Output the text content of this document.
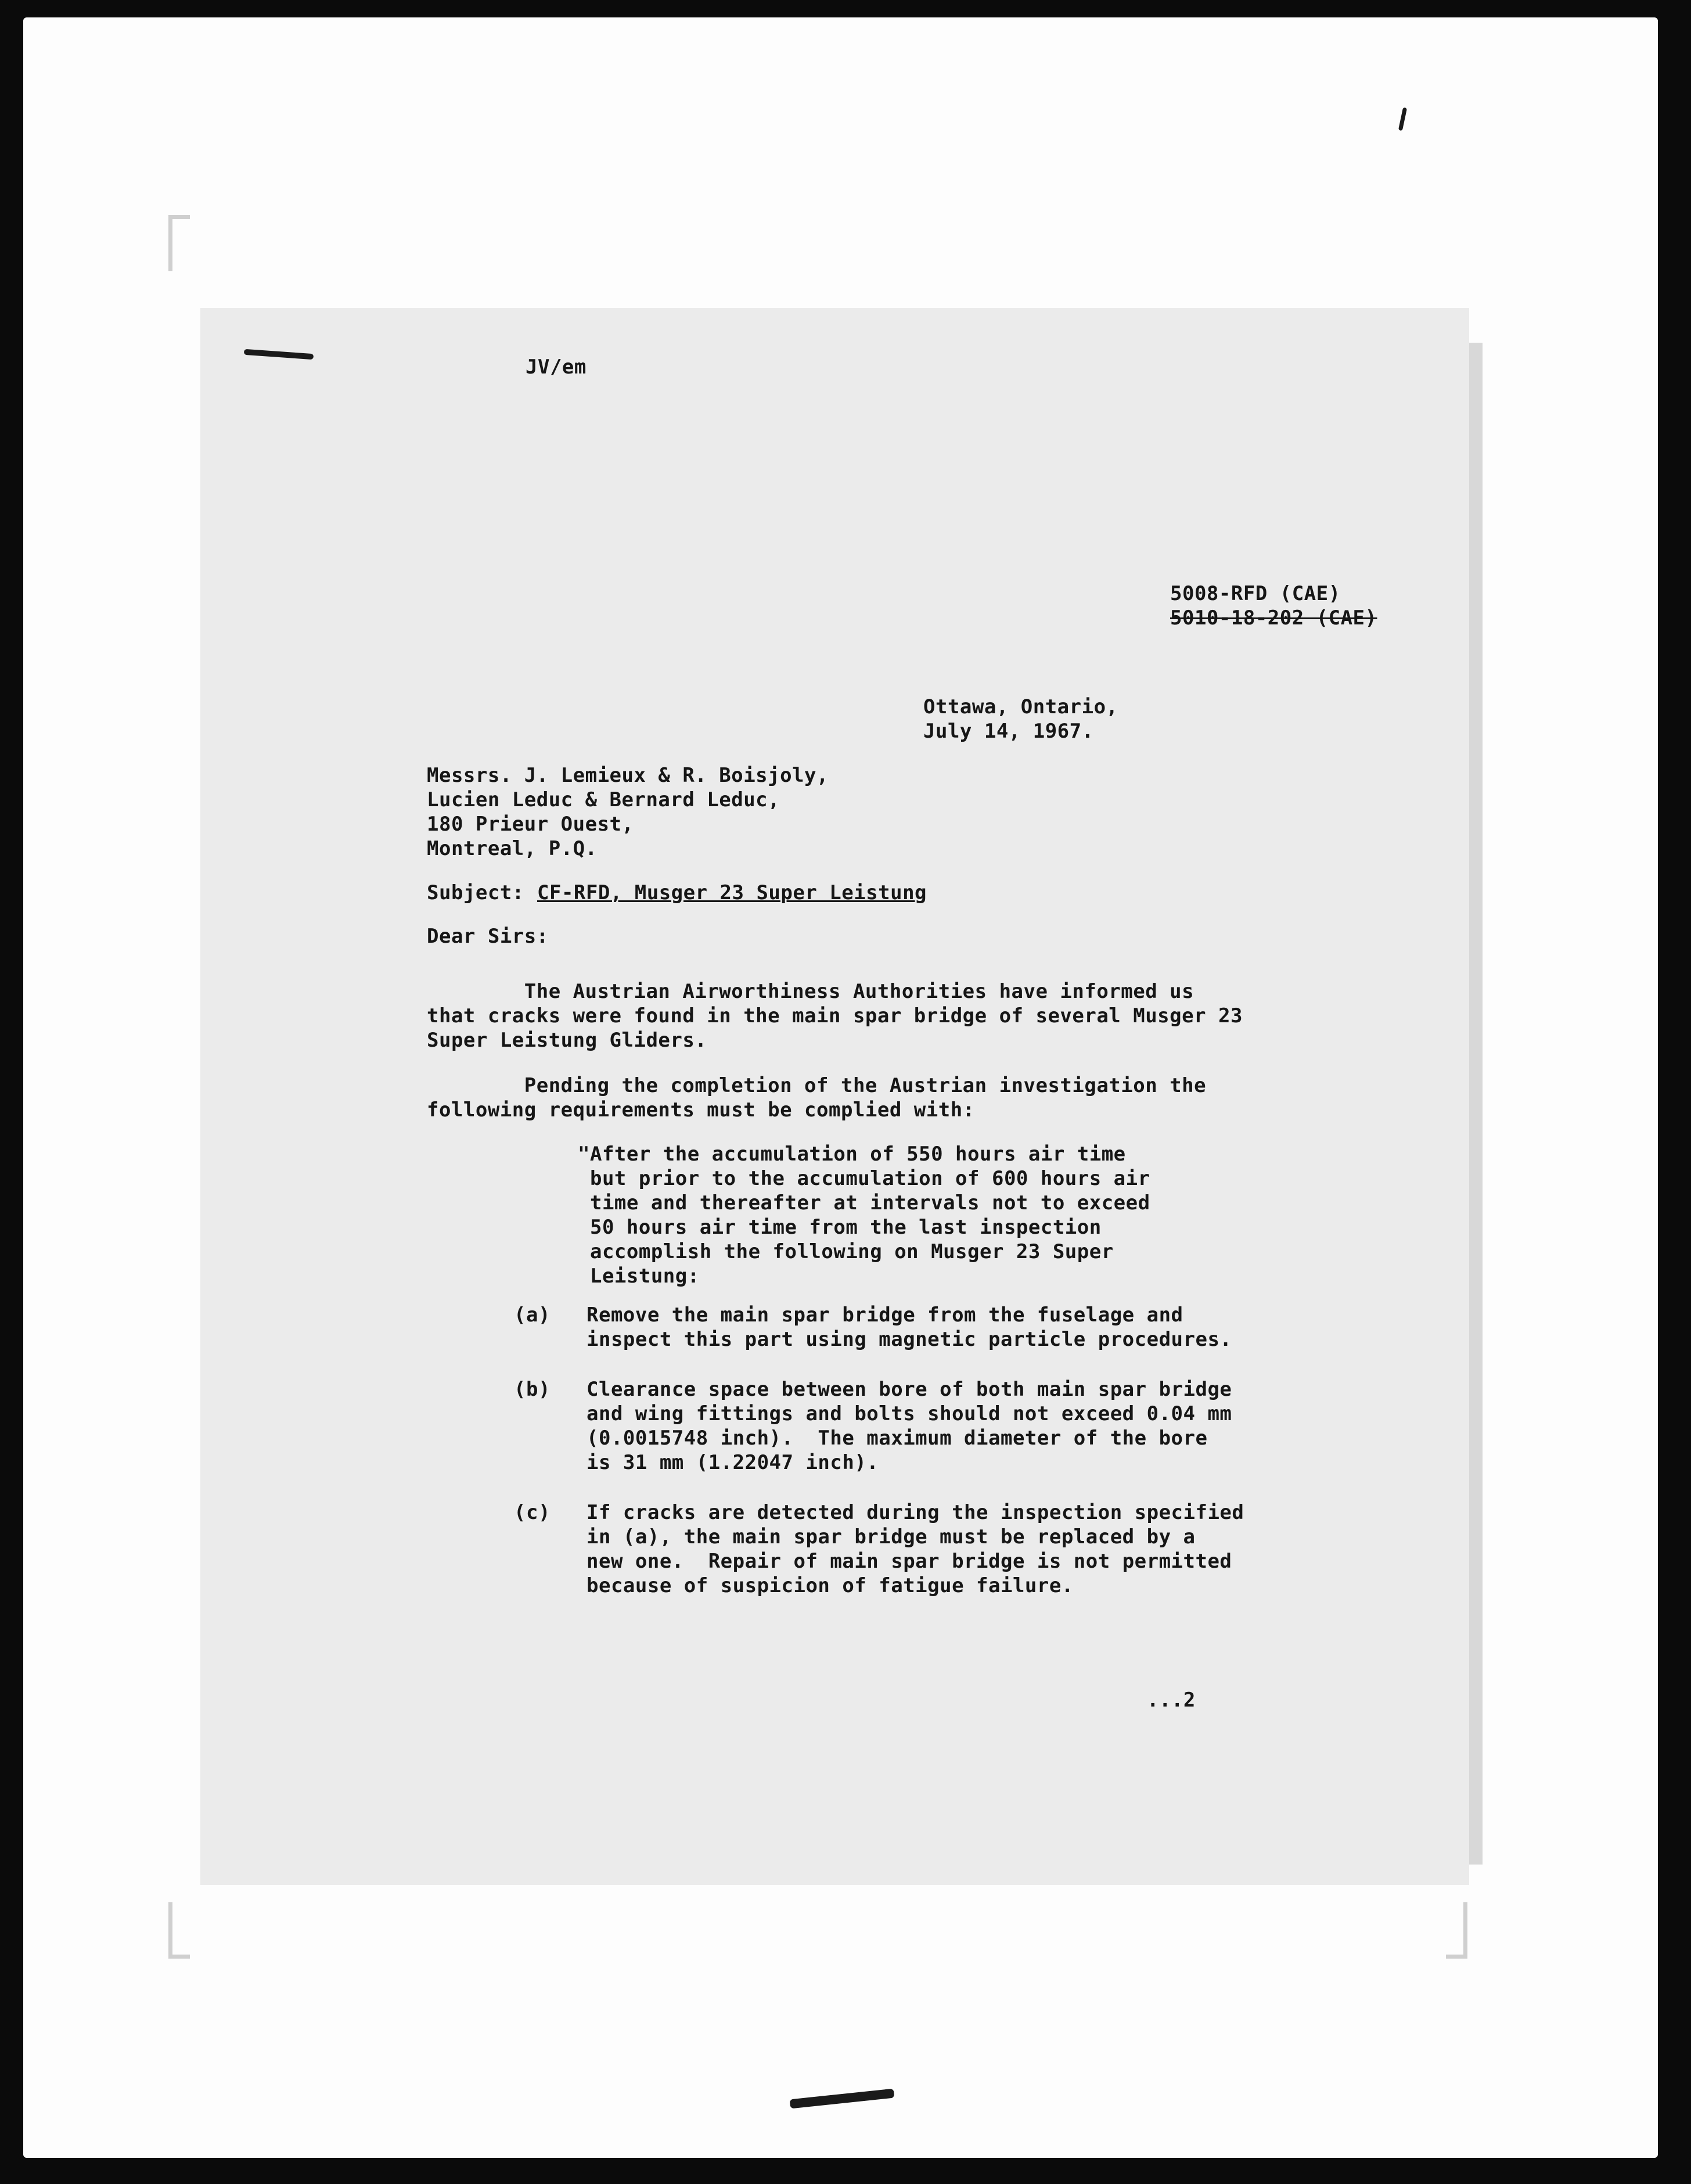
JV/em
5008-RFD (CAE)
5010-18-202 (CAE)
Ottawa, Ontario,
July 14, 1967.
Messrs. J. Lemieux & R. Boisjoly,
Lucien Leduc & Bernard Leduc,
180 Prieur Ouest,
Montreal, P.Q.
Subject: CF-RFD, Musger 23 Super Leistung
Dear Sirs:
The Austrian Airworthiness Authorities have informed us
that cracks were found in the main spar bridge of several Musger 23
Super Leistung Gliders.
Pending the completion of the Austrian investigation the
following requirements must be complied with:
"After the accumulation of 550 hours air time
but prior to the accumulation of 600 hours air
time and thereafter at intervals not to exceed
50 hours air time from the last inspection
accomplish the following on Musger 23 Super
Leistung:
(a) Remove the main spar bridge from the fuselage and
inspect this part using magnetic particle procedures.
(b) Clearance space between bore of both main spar bridge
and wing fittings and bolts should not exceed 0.04 mm
(0.0015748 inch).  The maximum diameter of the bore
is 31 mm (1.22047 inch).
(c) If cracks are detected during the inspection specified
in (a), the main spar bridge must be replaced by a
new one.  Repair of main spar bridge is not permitted
because of suspicion of fatigue failure.
...2
